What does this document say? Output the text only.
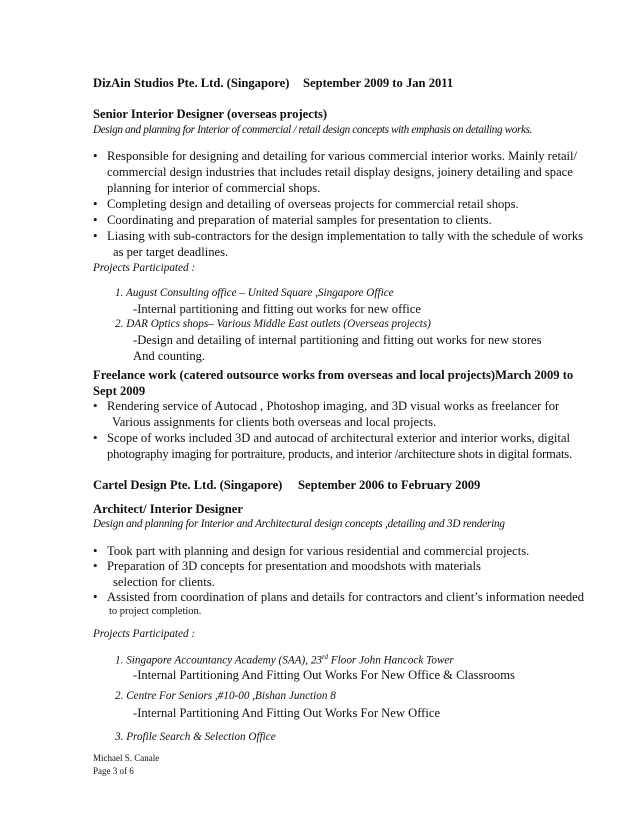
DizAin Studios Pte. Ltd. (Singapore) September 2009 to Jan 2011
Senior Interior Designer (overseas projects)
Design and planning for Interior of commercial / retail design concepts with emphasis on detailing works.
• Responsible for designing and detailing for various commercial interior works. Mainly retail/
commercial design industries that includes retail display designs, joinery detailing and space
planning for interior of commercial shops.
• Completing design and detailing of overseas projects for commercial retail shops.
• Coordinating and preparation of material samples for presentation to clients.
• Liasing with sub-contractors for the design implementation to tally with the schedule of works
as per target deadlines.
Projects Participated :
1. August Consulting office – United Square ,Singapore Office
-Internal partitioning and fitting out works for new office
2. DAR Optics shops– Various Middle East outlets (Overseas projects)
-Design and detailing of internal partitioning and fitting out works for new stores
And counting.
Freelance work (catered outsource works from overseas and local projects)March 2009 to
Sept 2009
• Rendering service of Autocad , Photoshop imaging, and 3D visual works as freelancer for
Various assignments for clients both overseas and local projects.
• Scope of works included 3D and autocad of architectural exterior and interior works, digital
photography imaging for portraiture, products, and interior /architecture shots in digital formats.
Cartel Design Pte. Ltd. (Singapore) September 2006 to February 2009
Architect/ Interior Designer
Design and planning for Interior and Architectural design concepts ,detailing and 3D rendering
• Took part with planning and design for various residential and commercial projects.
• Preparation of 3D concepts for presentation and moodshots with materials
selection for clients.
• Assisted from coordination of plans and details for contractors and client’s information needed
to project completion.
Projects Participated :
1. Singapore Accountancy Academy (SAA), 23rd Floor John Hancock Tower
-Internal Partitioning And Fitting Out Works For New Office & Classrooms
2. Centre For Seniors ,#10-00 ,Bishan Junction 8
-Internal Partitioning And Fitting Out Works For New Office
3. Profile Search & Selection Office
Michael S. Canale
Page 3 of 6
